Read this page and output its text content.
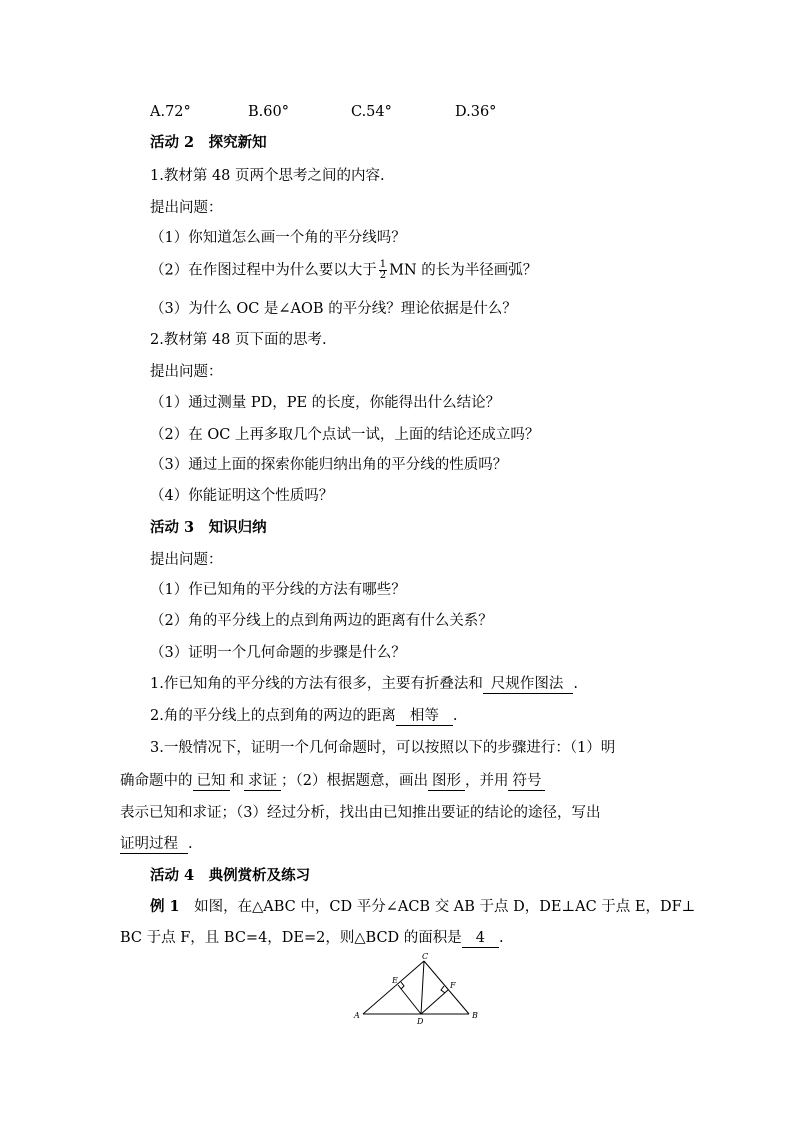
A.72°	B.60°	C.54°	D.36°
活动 2　探究新知
1.教材第 48 页两个思考之间的内容.
提出问题：
（1）你知道怎么画一个角的平分线吗？
（2）在作图过程中为什么要以大于 $\frac{1}{2}$ MN 的长为半径画弧？
（3）为什么 OC 是∠AOB 的平分线？理论依据是什么？
2.教材第 48 页下面的思考.
提出问题：
（1）通过测量 PD，PE 的长度，你能得出什么结论？
（2）在 OC 上再多取几个点试一试，上面的结论还成立吗？
（3）通过上面的探索你能归纳出角的平分线的性质吗？
（4）你能证明这个性质吗？
活动 3　知识归纳
提出问题：
（1）作已知角的平分线的方法有哪些？
（2）角的平分线上的点到角两边的距离有什么关系？
（3）证明一个几何命题的步骤是什么？
1.作已知角的平分线的方法有很多，主要有折叠法和 尺规作图法 .
2.角的平分线上的点到角的两边的距离 相等 .
3.一般情况下，证明一个几何命题时，可以按照以下的步骤进行：（1）明
确命题中的 已知 和 求证 ；（2）根据题意，画出 图形 ，并用 符号
表示已知和求证；（3）经过分析，找出由已知推出要证的结论的途径，写出
证明过程 .
活动 4　典例赏析及练习
例 1　 如图，在△ABC 中，CD 平分∠ACB 交 AB 于点 D，DE⊥AC 于点 E，DF⊥
BC 于点 F，且 BC=4，DE=2，则△BCD 的面积是 4 .
A	B
C
D
E
F
